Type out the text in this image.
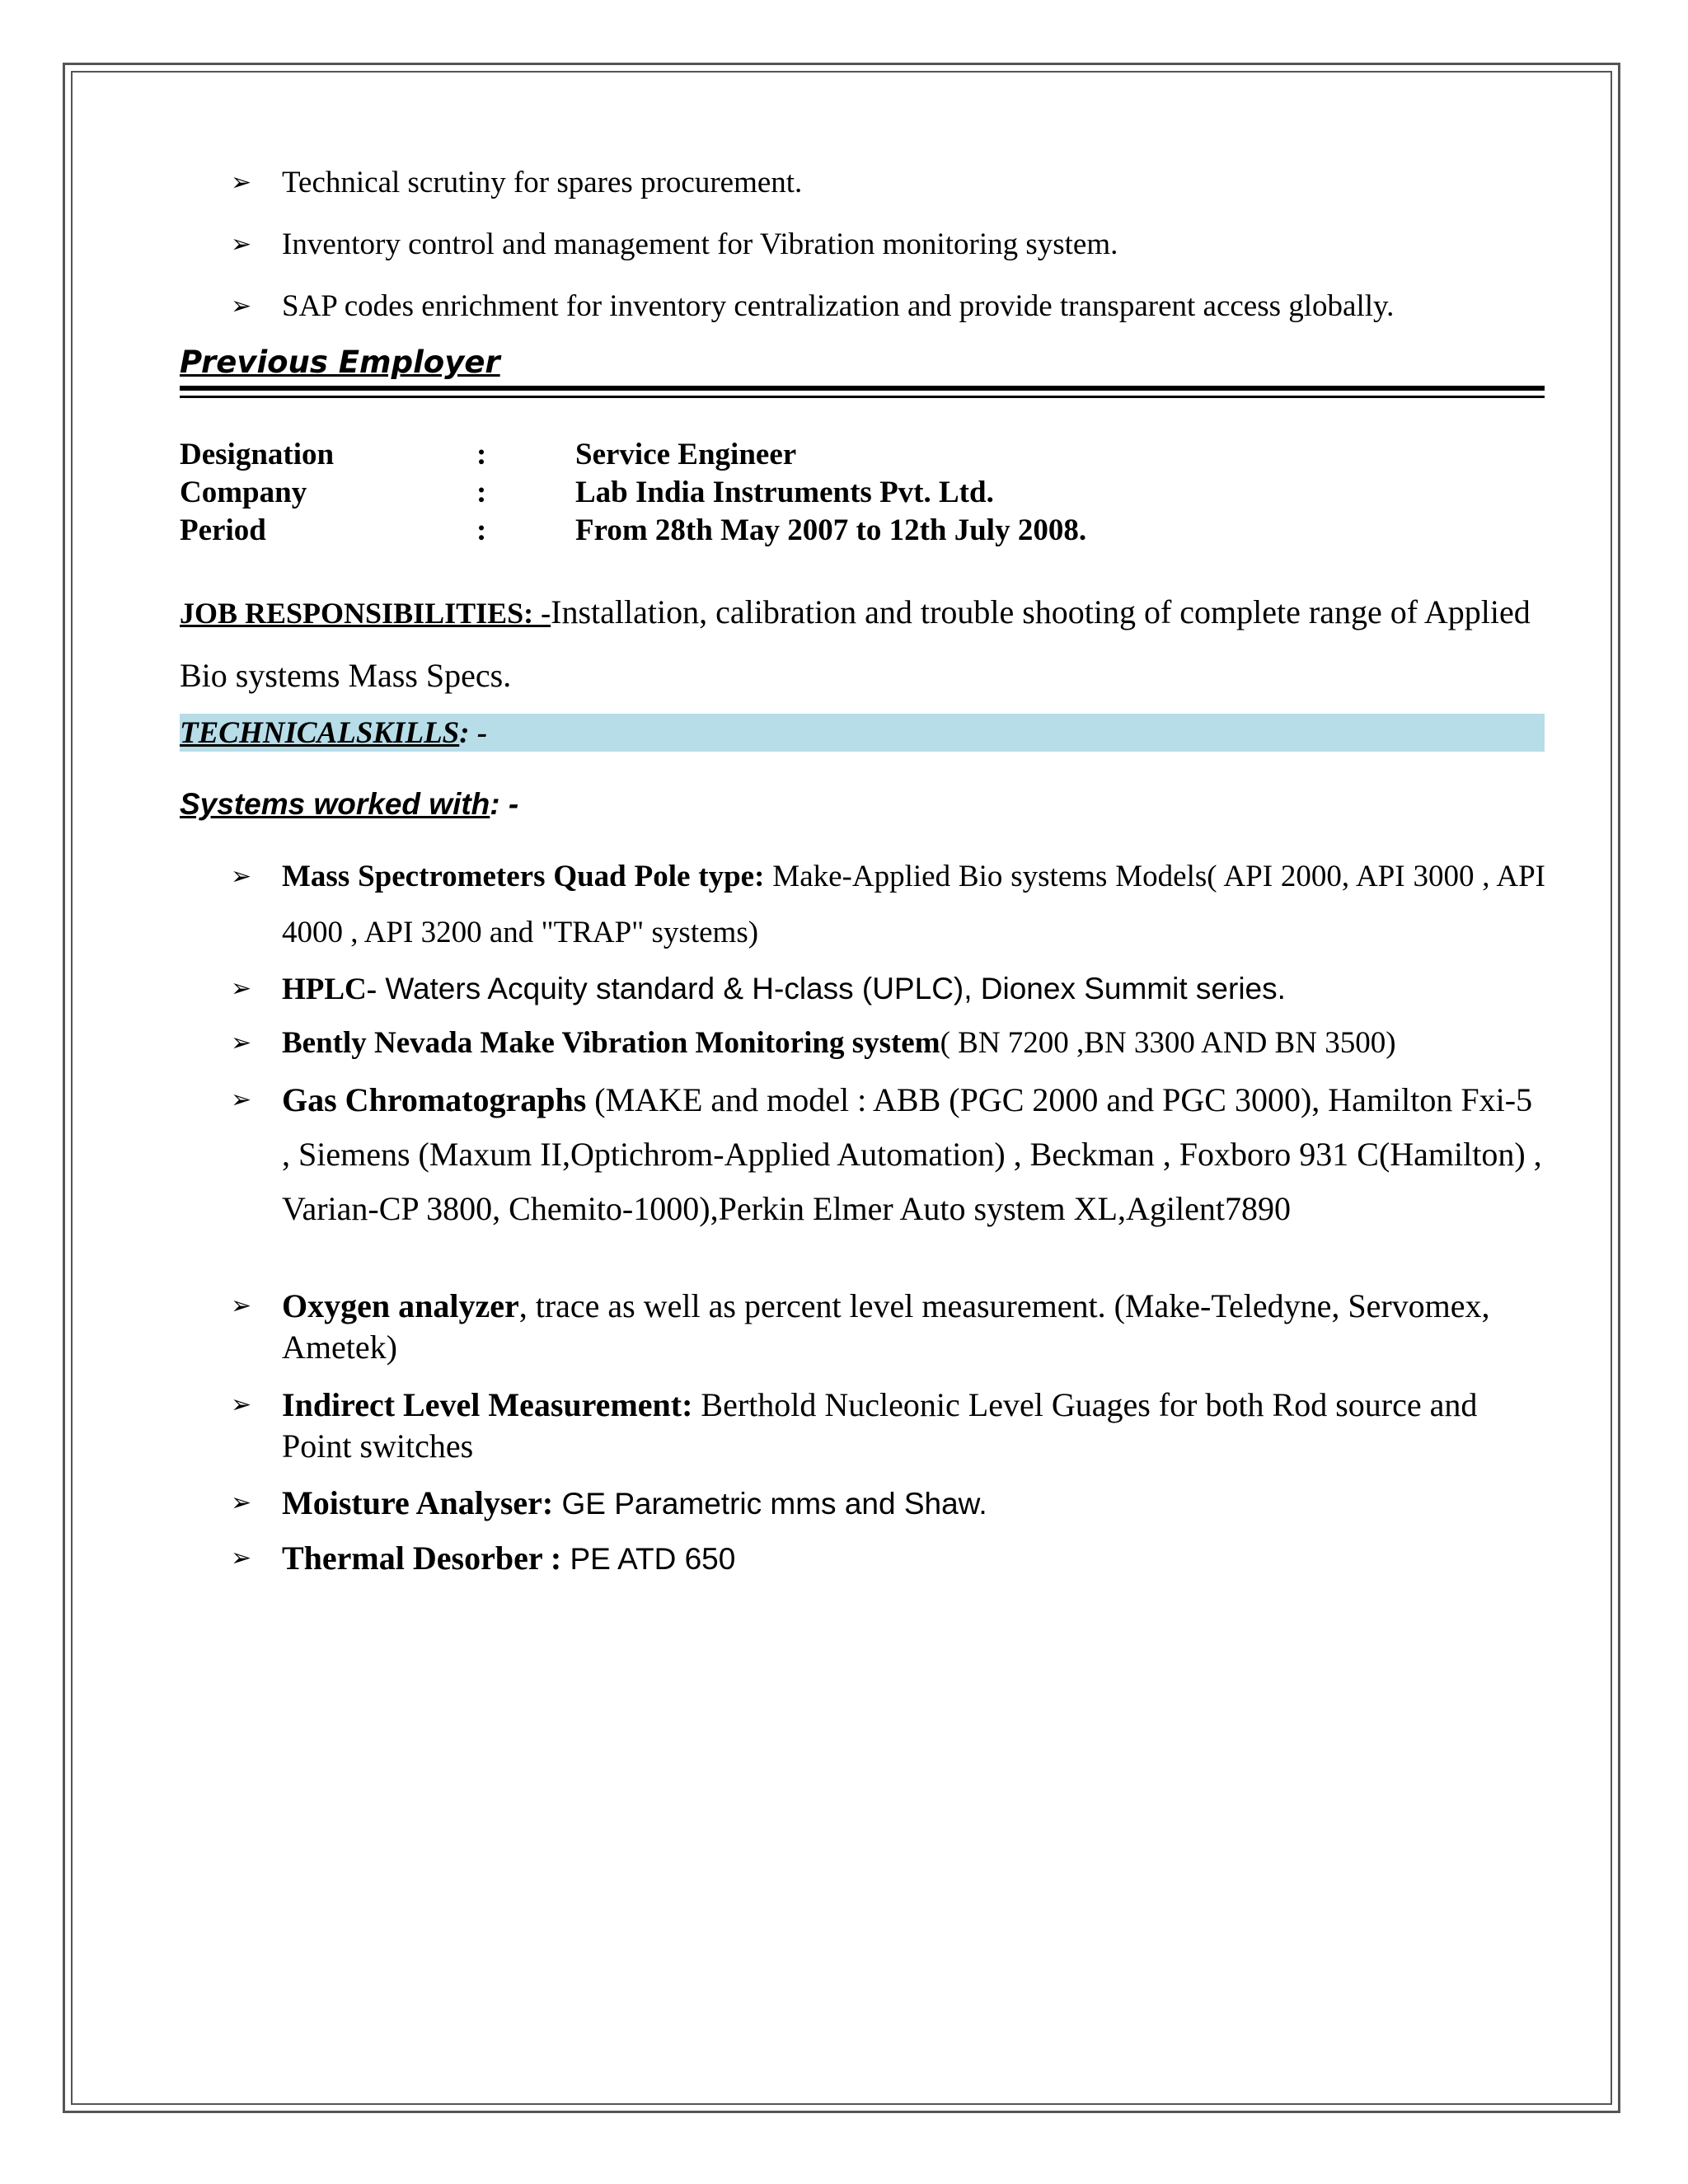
➢ Technical scrutiny for spares procurement.
➢ Inventory control and management for Vibration monitoring system.
➢ SAP codes enrichment for inventory centralization and provide transparent access globally.
Previous Employer
Designation	:	Service Engineer
Company	:	Lab India Instruments Pvt. Ltd.
Period	:	From 28th May 2007 to 12th July 2008.
JOB RESPONSIBILITIES: -Installation, calibration and trouble shooting of complete range of Applied Bio systems Mass Specs.
TECHNICALSKILLS: -
Systems worked with: -
➢ Mass Spectrometers Quad Pole type: Make-Applied Bio systems Models( API 2000, API 3000 , API 4000 , API 3200 and "TRAP" systems)
➢ HPLC- Waters Acquity standard & H-class (UPLC), Dionex Summit series.
➢ Bently Nevada Make Vibration Monitoring system( BN 7200 ,BN 3300 AND BN 3500)
➢ Gas Chromatographs (MAKE and model : ABB (PGC 2000 and PGC 3000), Hamilton Fxi-5 , Siemens (Maxum II,Optichrom-Applied Automation) , Beckman , Foxboro 931 C(Hamilton) , Varian-CP 3800, Chemito-1000),Perkin Elmer Auto system XL,Agilent7890
➢ Oxygen analyzer, trace as well as percent level measurement. (Make-Teledyne, Servomex, Ametek)
➢ Indirect Level Measurement: Berthold Nucleonic Level Guages for both Rod source and Point switches
➢ Moisture Analyser: GE Parametric mms and Shaw.
➢ Thermal Desorber : PE ATD 650
